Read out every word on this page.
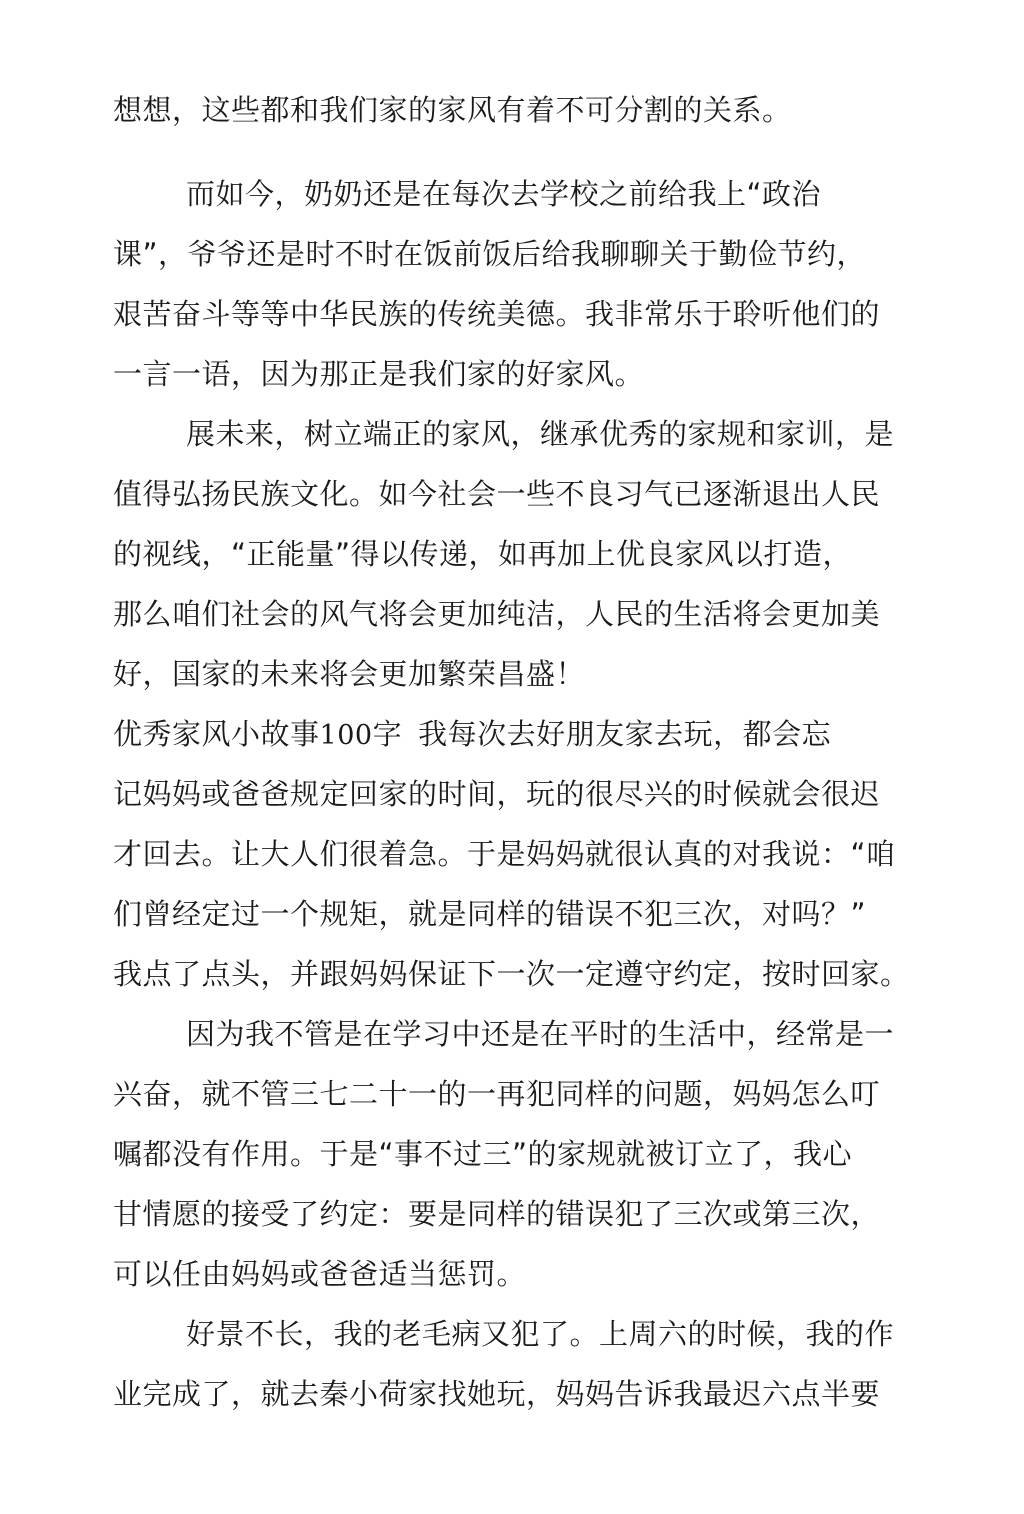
想想，这些都和我们家的家风有着不可分割的关系。
而如今，奶奶还是在每次去学校之前给我上“政治
课”，爷爷还是时不时在饭前饭后给我聊聊关于勤俭节约，
艰苦奋斗等等中华民族的传统美德。我非常乐于聆听他们的
一言一语，因为那正是我们家的好家风。
展未来，树立端正的家风，继承优秀的家规和家训，是
值得弘扬民族文化。如今社会一些不良习气已逐渐退出人民
的视线，“正能量”得以传递，如再加上优良家风以打造，
那么咱们社会的风气将会更加纯洁，人民的生活将会更加美
好，国家的未来将会更加繁荣昌盛！
优秀家风小故事100字 我每次去好朋友家去玩，都会忘
记妈妈或爸爸规定回家的时间，玩的很尽兴的时候就会很迟
才回去。让大人们很着急。于是妈妈就很认真的对我说：“咱
们曾经定过一个规矩，就是同样的错误不犯三次，对吗？”
我点了点头，并跟妈妈保证下一次一定遵守约定，按时回家。
因为我不管是在学习中还是在平时的生活中，经常是一
兴奋，就不管三七二十一的一再犯同样的问题，妈妈怎么叮
嘱都没有作用。于是“事不过三”的家规就被订立了，我心
甘情愿的接受了约定：要是同样的错误犯了三次或第三次，
可以任由妈妈或爸爸适当惩罚。
好景不长，我的老毛病又犯了。上周六的时候，我的作
业完成了，就去秦小荷家找她玩，妈妈告诉我最迟六点半要
